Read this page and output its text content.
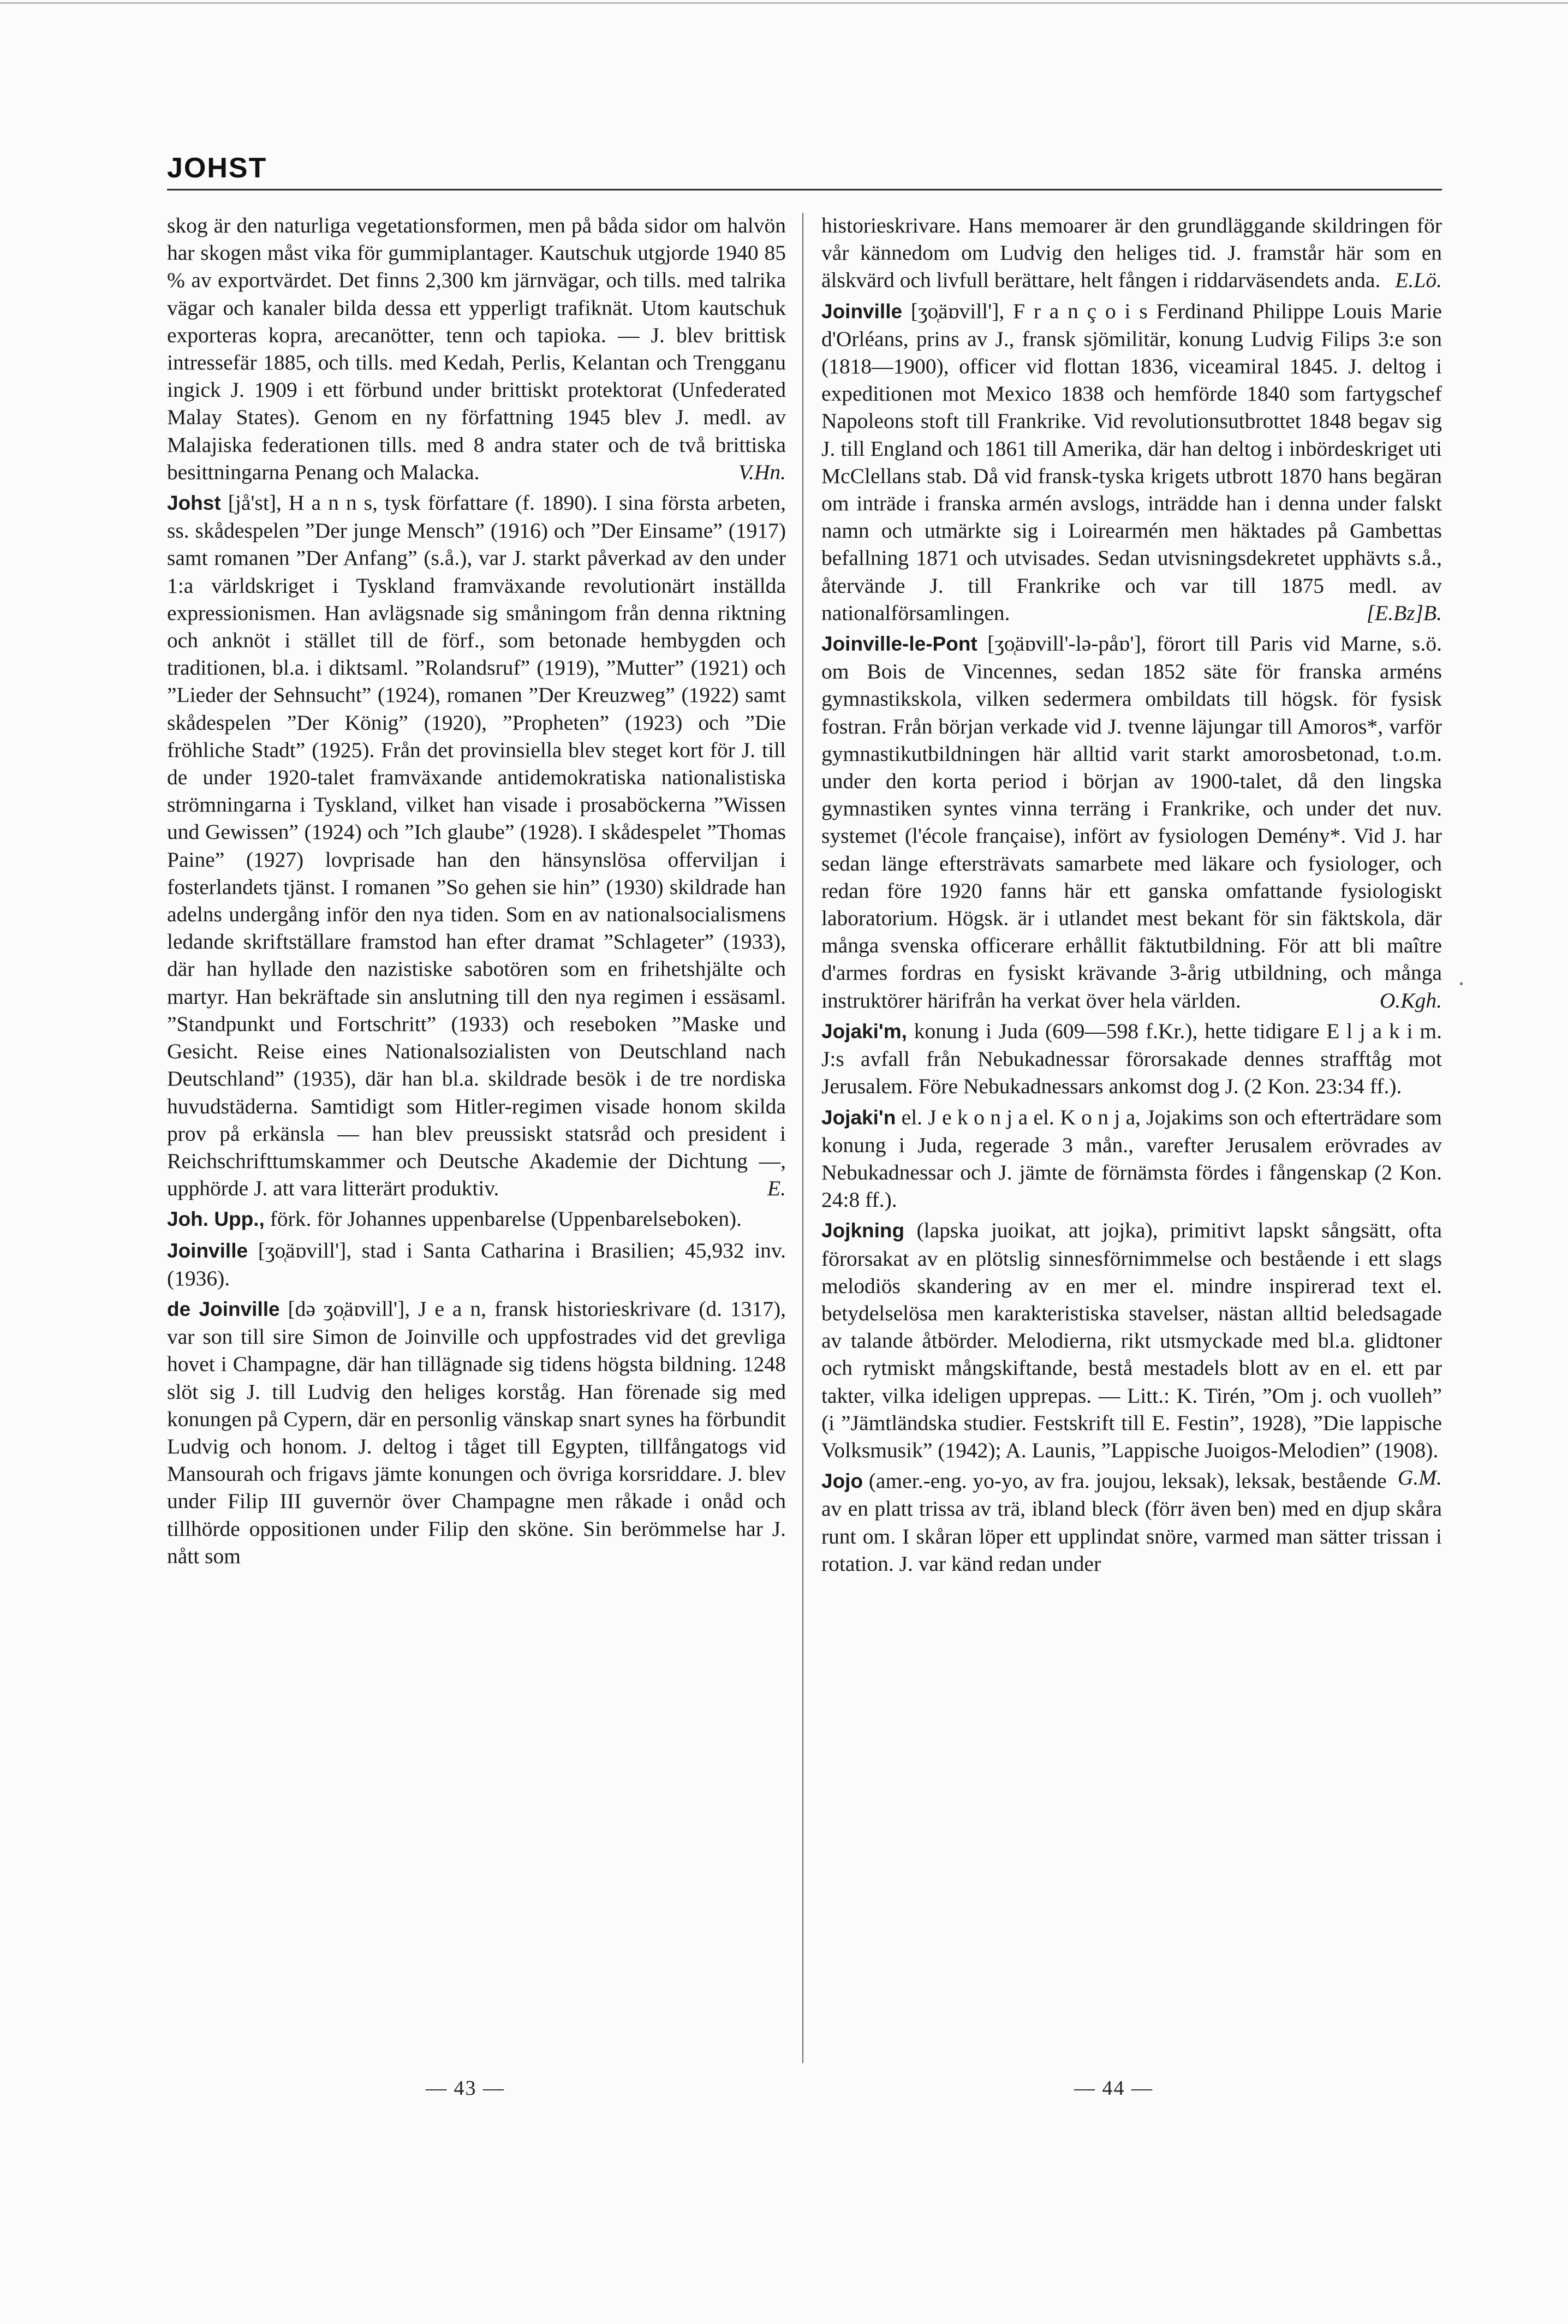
JOHST

skog är den naturliga vegetationsformen, men på båda sidor om halvön har skogen måst vika för gummiplantager. Kautschuk utgjorde 1940 85 % av exportvärdet. Det finns 2,300 km järnvägar, och tills. med talrika vägar och kanaler bilda dessa ett ypperligt trafiknät. Utom kautschuk exporteras kopra, arecanötter, tenn och tapioka. — J. blev brittisk intressefär 1885, och tills. med Kedah, Perlis, Kelantan och Trengganu ingick J. 1909 i ett förbund under brittiskt protektorat (Unfederated Malay States). Genom en ny författning 1945 blev J. medl. av Malajiska federationen tills. med 8 andra stater och de två brittiska besittningarna Penang och Malacka.	V.Hn.

Johst [jå'st], H a n n s, tysk författare (f. 1890). I sina första arbeten, ss. skådespelen ”Der junge Mensch” (1916) och ”Der Einsame” (1917) samt romanen ”Der Anfang” (s.å.), var J. starkt påverkad av den under 1:a världskriget i Tyskland framväxande revolutionärt inställda expressionismen. Han avlägsnade sig småningom från denna riktning och anknöt i stället till de förf., som betonade hembygden och traditionen, bl.a. i diktsaml. ”Rolandsruf” (1919), ”Mutter” (1921) och ”Lieder der Sehnsucht” (1924), romanen ”Der Kreuzweg” (1922) samt skådespelen ”Der König” (1920), ”Propheten” (1923) och ”Die fröhliche Stadt” (1925). Från det provinsiella blev steget kort för J. till de under 1920-talet framväxande antidemokratiska nationalistiska strömningarna i Tyskland, vilket han visade i prosaböckerna ”Wissen und Gewissen” (1924) och ”Ich glaube” (1928). I skådespelet ”Thomas Paine” (1927) lovprisade han den hänsynslösa offerviljan i fosterlandets tjänst. I romanen ”So gehen sie hin” (1930) skildrade han adelns undergång inför den nya tiden. Som en av nationalsocialismens ledande skriftställare framstod han efter dramat ”Schlageter” (1933), där han hyllade den nazistiske sabotören som en frihetshjälte och martyr. Han bekräftade sin anslutning till den nya regimen i essäsaml. ”Standpunkt und Fortschritt” (1933) och reseboken ”Maske und Gesicht. Reise eines Nationalsozialisten von Deutschland nach Deutschland” (1935), där han bl.a. skildrade besök i de tre nordiska huvudstäderna. Samtidigt som Hitler-regimen visade honom skilda prov på erkänsla — han blev preussiskt statsråd och president i Reichschrifttumskammer och Deutsche Akademie der Dichtung —, upphörde J. att vara litterärt produktiv.	E.

Joh. Upp., förk. för Johannes uppenbarelse (Uppenbarelseboken).

Joinville [ʒo̜äɒvill'], stad i Santa Catharina i Brasilien; 45,932 inv. (1936).

de Joinville [də ʒo̜äɒvill'], J e a n, fransk historieskrivare (d. 1317), var son till sire Simon de Joinville och uppfostrades vid det grevliga hovet i Champagne, där han tillägnade sig tidens högsta bildning. 1248 slöt sig J. till Ludvig den heliges korståg. Han förenade sig med konungen på Cypern, där en personlig vänskap snart synes ha förbundit Ludvig och honom. J. deltog i tåget till Egypten, tillfångatogs vid Mansourah och frigavs jämte konungen och övriga korsriddare. J. blev under Filip III guvernör över Champagne men råkade i onåd och tillhörde oppositionen under Filip den sköne. Sin berömmelse har J. nått som

historieskrivare. Hans memoarer är den grundläggande skildringen för vår kännedom om Ludvig den heliges tid. J. framstår här som en älskvärd och livfull berättare, helt fången i riddarväsendets anda. E.Lö.

Joinville [ʒo̜äɒvill'], F r a n ç o i s Ferdinand Philippe Louis Marie d'Orléans, prins av J., fransk sjömilitär, konung Ludvig Filips 3:e son (1818—1900), officer vid flottan 1836, viceamiral 1845. J. deltog i expeditionen mot Mexico 1838 och hemförde 1840 som fartygschef Napoleons stoft till Frankrike. Vid revolutionsutbrottet 1848 begav sig J. till England och 1861 till Amerika, där han deltog i inbördeskriget uti McClellans stab. Då vid fransk-tyska krigets utbrott 1870 hans begäran om inträde i franska armén avslogs, inträdde han i denna under falskt namn och utmärkte sig i Loirearmén men häktades på Gambettas befallning 1871 och utvisades. Sedan utvisningsdekretet upphävts s.å., återvände J. till Frankrike och var till 1875 medl. av nationalförsamlingen.	[E.Bz]B.

Joinville-le-Pont [ʒo̜äɒvill'-lə-påɒ'], förort till Paris vid Marne, s.ö. om Bois de Vincennes, sedan 1852 säte för franska arméns gymnastikskola, vilken sedermera ombildats till högsk. för fysisk fostran. Från början verkade vid J. tvenne läjungar till Amoros*, varför gymnastikutbildningen här alltid varit starkt amorosbetonad, t.o.m. under den korta period i början av 1900-talet, då den lingska gymnastiken syntes vinna terräng i Frankrike, och under det nuv. systemet (l'école française), infört av fysiologen Demény*. Vid J. har sedan länge eftersträvats samarbete med läkare och fysiologer, och redan före 1920 fanns här ett ganska omfattande fysiologiskt laboratorium. Högsk. är i utlandet mest bekant för sin fäktskola, där många svenska officerare erhållit fäktutbildning. För att bli maître d'armes fordras en fysiskt krävande 3-årig utbildning, och många instruktörer härifrån ha verkat över hela världen.	O.Kgh.

Jojaki'm, konung i Juda (609—598 f.Kr.), hette tidigare E l j a k i m. J:s avfall från Nebukadnessar förorsakade dennes strafftåg mot Jerusalem. Före Nebukadnessars ankomst dog J. (2 Kon. 23:34 ff.).

Jojaki'n el. J e k o n j a el. K o n j a, Jojakims son och efterträdare som konung i Juda, regerade 3 mån., varefter Jerusalem erövrades av Nebukadnessar och J. jämte de förnämsta fördes i fångenskap (2 Kon. 24:8 ff.).

Jojkning (lapska juoikat, att jojka), primitivt lapskt sångsätt, ofta förorsakat av en plötslig sinnesförnimmelse och bestående i ett slags melodiös skandering av en mer el. mindre inspirerad text el. betydelselösa men karakteristiska stavelser, nästan alltid beledsagade av talande åtbörder. Melodierna, rikt utsmyckade med bl.a. glidtoner och rytmiskt mångskiftande, bestå mestadels blott av en el. ett par takter, vilka ideligen upprepas. — Litt.: K. Tirén, ”Om j. och vuolleh” (i ”Jämtländska studier. Festskrift till E. Festin”, 1928), ”Die lappische Volksmusik” (1942); A. Launis, ”Lappische Juoigos-Melodien” (1908).
G.M.

Jojo (amer.-eng. yo-yo, av fra. joujou, leksak), leksak, bestående av en platt trissa av trä, ibland bleck (förr även ben) med en djup skåra runt om. I skåran löper ett upplindat snöre, varmed man sätter trissan i rotation. J. var känd redan under

— 43 —	— 44 —
